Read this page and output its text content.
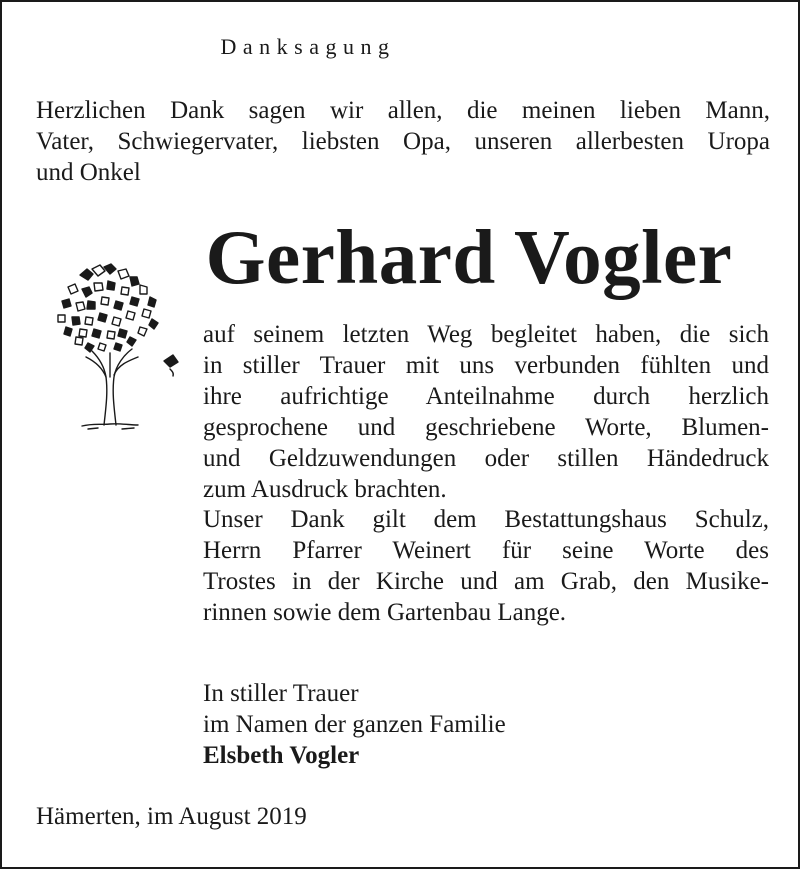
Danksagung
Herzlichen Dank sagen wir allen, die meinen lieben Mann,
Vater, Schwiegervater, liebsten Opa, unseren allerbesten Uropa
und Onkel
Gerhard Vogler
auf seinem letzten Weg begleitet haben, die sich
in stiller Trauer mit uns verbunden fühlten und
ihre aufrichtige Anteilnahme durch herzlich
gesprochene und geschriebene Worte, Blumen-
und Geldzuwendungen oder stillen Händedruck
zum Ausdruck brachten.
Unser Dank gilt dem Bestattungshaus Schulz,
Herrn Pfarrer Weinert für seine Worte des
Trostes in der Kirche und am Grab, den Musike-
rinnen sowie dem Gartenbau Lange.
In stiller Trauer
im Namen der ganzen Familie
Elsbeth Vogler
Hämerten, im August 2019
